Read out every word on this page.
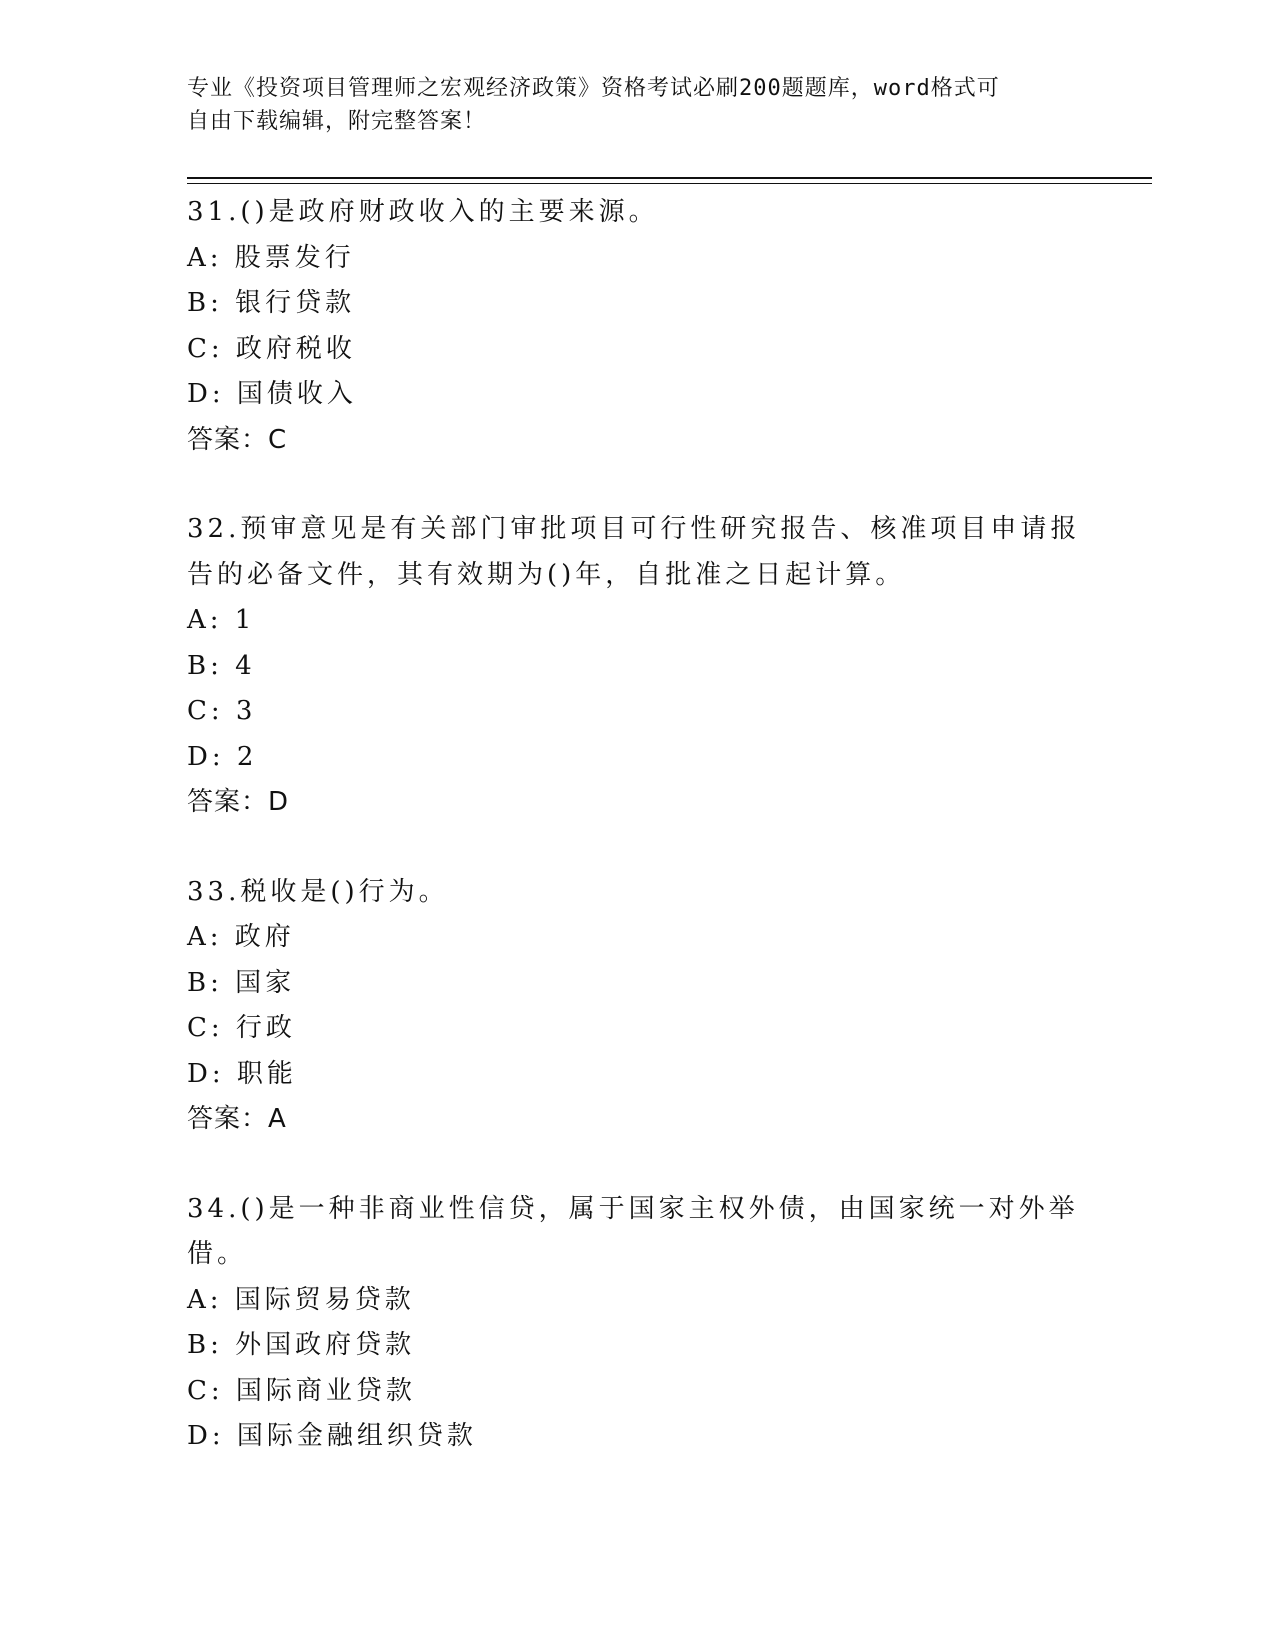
专业《投资项目管理师之宏观经济政策》资格考试必刷200题题库，word格式可
自由下载编辑，附完整答案！
31.()是政府财政收入的主要来源。
A: 股票发行
B: 银行贷款
C: 政府税收
D: 国债收入
答案：C
32.预审意见是有关部门审批项目可行性研究报告、核准项目申请报告的必备文件，其有效期为()年，自批准之日起计算。
A: 1
B: 4
C: 3
D: 2
答案：D
33.税收是()行为。
A: 政府
B: 国家
C: 行政
D: 职能
答案：A
34.()是一种非商业性信贷，属于国家主权外债，由国家统一对外举借。
A: 国际贸易贷款
B: 外国政府贷款
C: 国际商业贷款
D: 国际金融组织贷款
